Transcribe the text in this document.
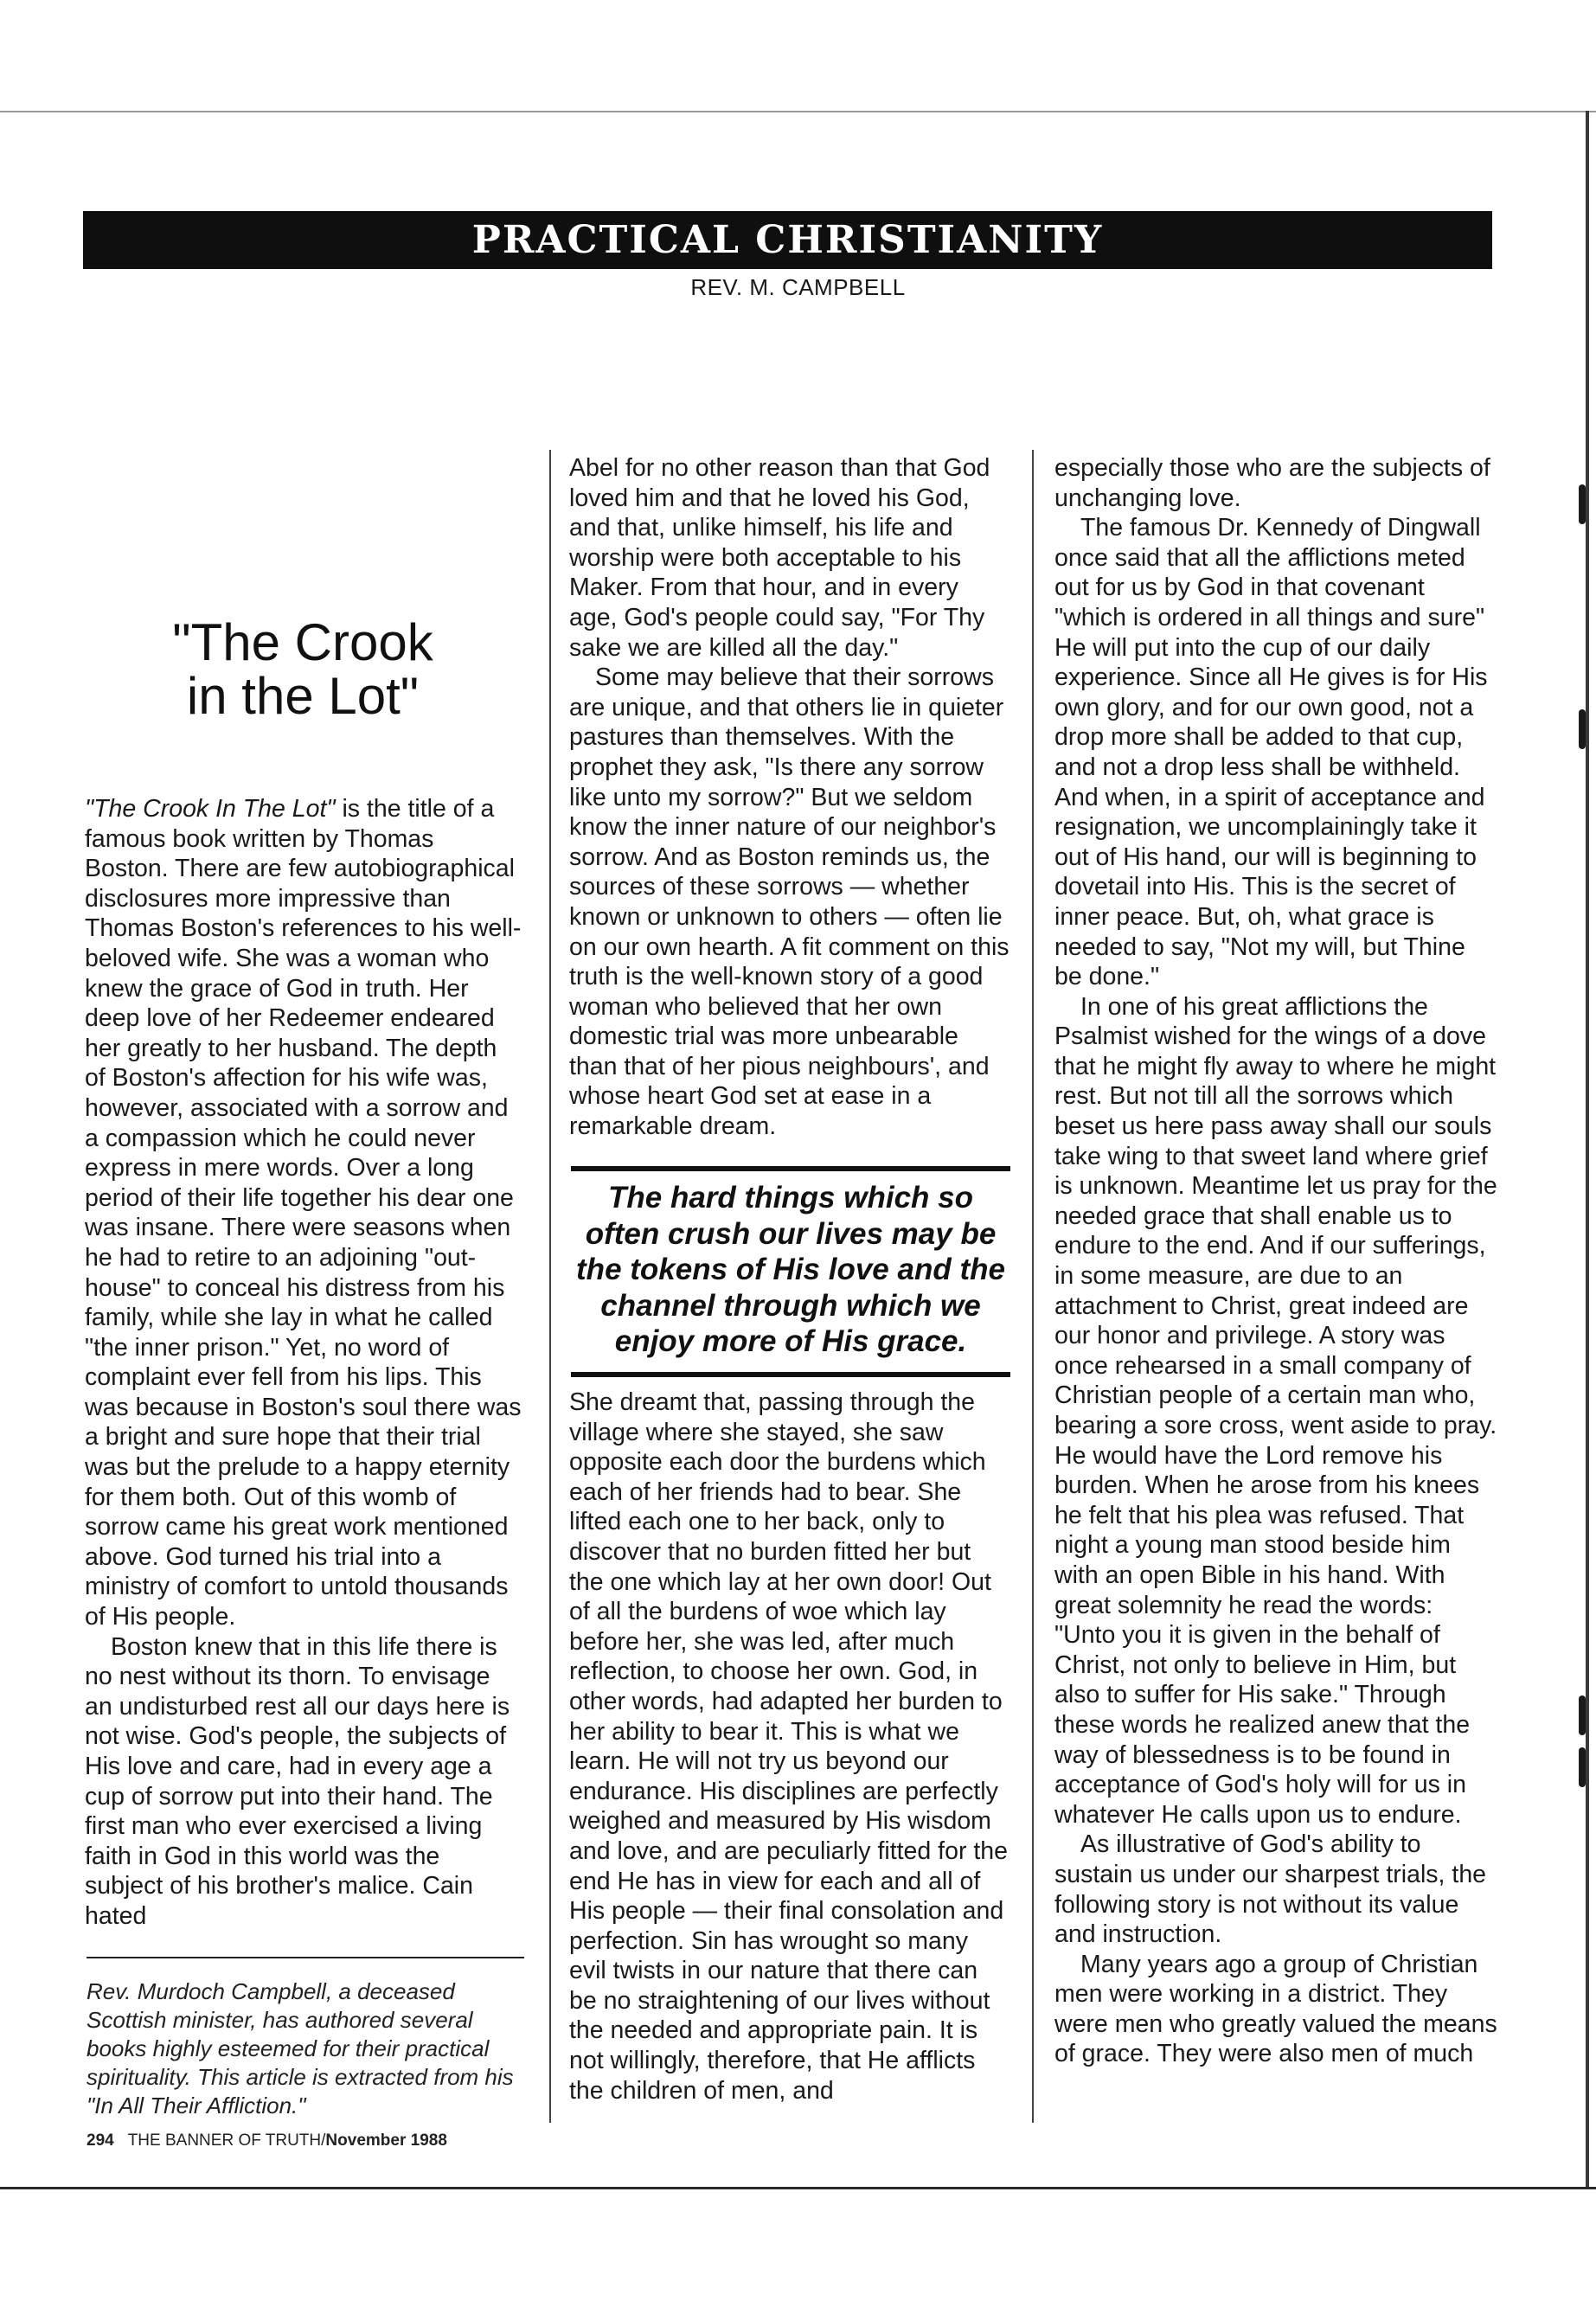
PRACTICAL CHRISTIANITY
REV. M. CAMPBELL
"The Crook
in the Lot"

"The Crook In The Lot" is the title of a famous book written by Thomas Boston. There are few autobiographical disclosures more impressive than Thomas Boston's references to his well-beloved wife. She was a woman who knew the grace of God in truth. Her deep love of her Redeemer endeared her greatly to her husband. The depth of Boston's affection for his wife was, however, associated with a sorrow and a compassion which he could never express in mere words. Over a long period of their life together his dear one was insane. There were seasons when he had to retire to an adjoining "out-house" to conceal his distress from his family, while she lay in what he called "the inner prison." Yet, no word of complaint ever fell from his lips. This was because in Boston's soul there was a bright and sure hope that their trial was but the prelude to a happy eternity for them both. Out of this womb of sorrow came his great work mentioned above. God turned his trial into a ministry of comfort to untold thousands of His people.

Boston knew that in this life there is no nest without its thorn. To envisage an undisturbed rest all our days here is not wise. God's people, the subjects of His love and care, had in every age a cup of sorrow put into their hand. The first man who ever exercised a living faith in God in this world was the subject of his brother's malice. Cain hated

Abel for no other reason than that God loved him and that he loved his God, and that, unlike himself, his life and worship were both acceptable to his Maker. From that hour, and in every age, God's people could say, "For Thy sake we are killed all the day."

Some may believe that their sorrows are unique, and that others lie in quieter pastures than themselves. With the prophet they ask, "Is there any sorrow like unto my sorrow?" But we seldom know the inner nature of our neighbor's sorrow. And as Boston reminds us, the sources of these sorrows — whether known or unknown to others — often lie on our own hearth. A fit comment on this truth is the well-known story of a good woman who believed that her own domestic trial was more unbearable than that of her pious neighbours', and whose heart God set at ease in a remarkable dream.

The hard things which so often crush our lives may be the tokens of His love and the channel through which we enjoy more of His grace.

She dreamt that, passing through the village where she stayed, she saw opposite each door the burdens which each of her friends had to bear. She lifted each one to her back, only to discover that no burden fitted her but the one which lay at her own door! Out of all the burdens of woe which lay before her, she was led, after much reflection, to choose her own. God, in other words, had adapted her burden to her ability to bear it. This is what we learn. He will not try us beyond our endurance. His disciplines are perfectly weighed and measured by His wisdom and love, and are peculiarly fitted for the end He has in view for each and all of His people — their final consolation and perfection. Sin has wrought so many evil twists in our nature that there can be no straightening of our lives without the needed and appropriate pain. It is not willingly, therefore, that He afflicts the children of men, and

especially those who are the subjects of unchanging love.

The famous Dr. Kennedy of Dingwall once said that all the afflictions meted out for us by God in that covenant "which is ordered in all things and sure" He will put into the cup of our daily experience. Since all He gives is for His own glory, and for our own good, not a drop more shall be added to that cup, and not a drop less shall be withheld. And when, in a spirit of acceptance and resignation, we uncomplainingly take it out of His hand, our will is beginning to dovetail into His. This is the secret of inner peace. But, oh, what grace is needed to say, "Not my will, but Thine be done."

In one of his great afflictions the Psalmist wished for the wings of a dove that he might fly away to where he might rest. But not till all the sorrows which beset us here pass away shall our souls take wing to that sweet land where grief is unknown. Meantime let us pray for the needed grace that shall enable us to endure to the end. And if our sufferings, in some measure, are due to an attachment to Christ, great indeed are our honor and privilege. A story was once rehearsed in a small company of Christian people of a certain man who, bearing a sore cross, went aside to pray. He would have the Lord remove his burden. When he arose from his knees he felt that his plea was refused. That night a young man stood beside him with an open Bible in his hand. With great solemnity he read the words: "Unto you it is given in the behalf of Christ, not only to believe in Him, but also to suffer for His sake." Through these words he realized anew that the way of blessedness is to be found in acceptance of God's holy will for us in whatever He calls upon us to endure.

As illustrative of God's ability to sustain us under our sharpest trials, the following story is not without its value and instruction.

Many years ago a group of Christian men were working in a district. They were men who greatly valued the means of grace. They were also men of much

Rev. Murdoch Campbell, a deceased Scottish minister, has authored several books highly esteemed for their practical spirituality. This article is extracted from his "In All Their Affliction."
294 THE BANNER OF TRUTH/November 1988
